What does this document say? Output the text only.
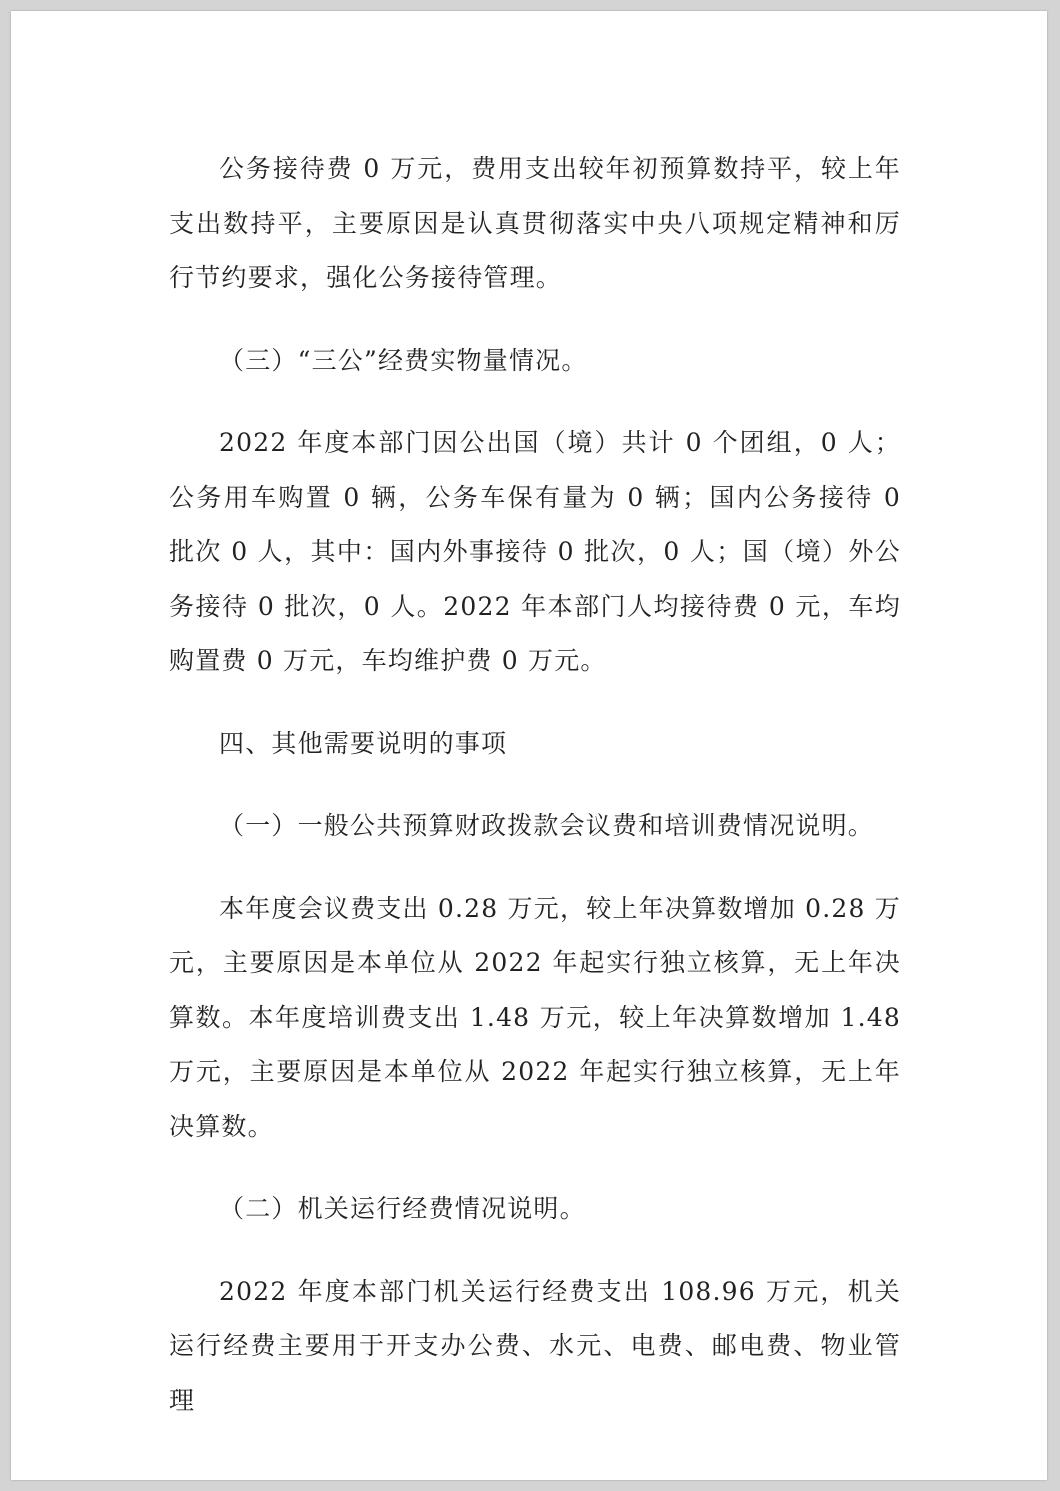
公务接待费 0 万元，费用支出较年初预算数持平，较上年支出数持平，主要原因是认真贯彻落实中央八项规定精神和厉行节约要求，强化公务接待管理。

（三）“三公”经费实物量情况。

2022 年度本部门因公出国（境）共计 0 个团组，0 人；公务用车购置 0 辆，公务车保有量为 0 辆；国内公务接待 0 批次 0 人，其中：国内外事接待 0 批次，0 人；国（境）外公务接待 0 批次，0 人。2022 年本部门人均接待费 0 元，车均购置费 0 万元，车均维护费 0 万元。

四、其他需要说明的事项

（一）一般公共预算财政拨款会议费和培训费情况说明。

本年度会议费支出 0.28 万元，较上年决算数增加 0.28 万元，主要原因是本单位从 2022 年起实行独立核算，无上年决算数。本年度培训费支出 1.48 万元，较上年决算数增加 1.48 万元，主要原因是本单位从 2022 年起实行独立核算，无上年决算数。

（二）机关运行经费情况说明。

2022 年度本部门机关运行经费支出 108.96 万元，机关运行经费主要用于开支办公费、水元、电费、邮电费、物业管理
